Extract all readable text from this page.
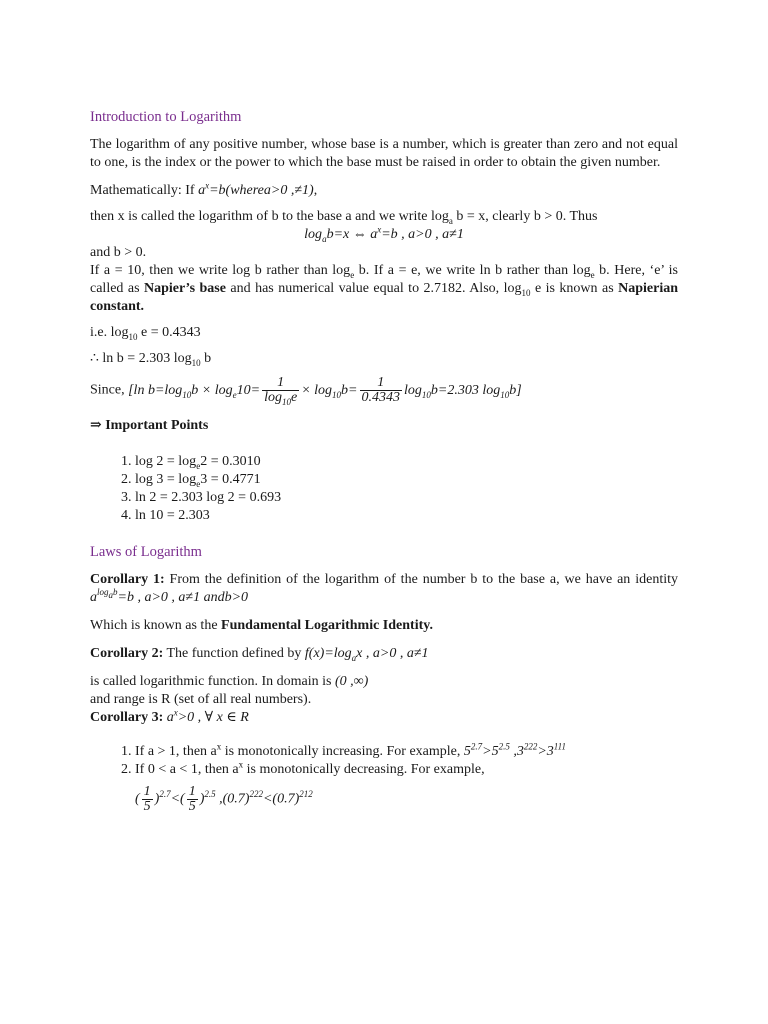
Introduction to Logarithm

The logarithm of any positive number, whose base is a number, which is greater than zero and not equal to one, is the index or the power to which the base must be raised in order to obtain the given number.

Mathematically: If $a^x=b(wherea>0$ ,≠1),

then x is called the logarithm of b to the base a and we write $\log_a b = x$, clearly b > 0. Thus

$\log_ab=x$ ⇔ $a^x=b$ , a>0 , a≠1

and b > 0.

If a = 10, then we write log b rather than $\log_e b$. If a = e, we write ln b rather than $\log_e b$. Here, ‘e’ is called as Napier’s base and has numerical value equal to 2.7182. Also, $\log_{10} e$ is known as Napierian constant.

i.e. $\log_{10} e = 0.4343$

∴ ln b = 2.303 $\log_{10} b$

Since, [ln $b=\log_{10}b \times \log_e10= \frac{1}{\log_{10}e} \times \log_{10}b= \frac{1}{0.4343} \log_{10}b=2.303$ $\log_{10}b$]

⇒ Important Points

1. $\log 2 = \log_e2 = 0.3010$
2. $\log 3 = \log_e3 = 0.4771$
3. ln 2 = 2.303 log 2 = 0.693
4. ln 10 = 2.303

Laws of Logarithm

Corollary 1: From the definition of the logarithm of the number b to the base a, we have an identity $a^{log_ab}=b$ , a>0 , a≠1 andb>0

Which is known as the Fundamental Logarithmic Identity.

Corollary 2: The function defined by $f(x)=\log_ax$ , a>0 , a≠1

is called logarithmic function. In domain is (0 ,∞)

and range is R (set of all real numbers).

Corollary 3: $a^x>0$ , ∀ x ∈ R

1. If a > 1, then $a^x$ is monotonically increasing. For example, $5^{2.7}>5^{2.5}$ $,3^{222}>3^{111}$
2. If 0 < a < 1, then $a^x$ is monotonically decreasing. For example,
( $\frac{1}{5} )^{2.7}<( \frac{1}{5} )^{2.5}$ $,(0.7)^{222}<(0.7)^{212}$
